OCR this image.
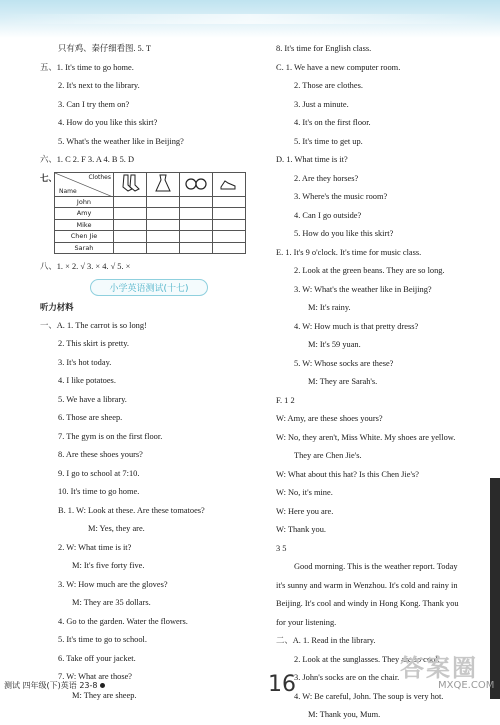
只有鸡、秦仔细看图. 5. T
五、1. It's time to go home.
2. It's next to the library.
3. Can I try them on?
4. How do you like this skirt?
5. What's the weather like in Beijing?
六、1. C 2. F 3. A 4. B 5. D
七、	Clothes
Name

John				
Amy				
Mike				
Chen Jie				
Sarah				
八、1. × 2. √ 3. × 4. √ 5. ×
小学英语测试(十七)
听力材料
一、A. 1. The carrot is so long!
2. This skirt is pretty.
3. It's hot today.
4. I like potatoes.
5. We have a library.
6. Those are sheep.
7. The gym is on the first floor.
8. Are these shoes yours?
9. I go to school at 7:10.
10. It's time to go home.
B. 1. W: Look at these. Are these tomatoes?
M: Yes, they are.
2. W: What time is it?
M: It's five forty five.
3. W: How much are the gloves?
M: They are 35 dollars.
4. Go to the garden. Water the flowers.
5. It's time to go to school.
6. Take off your jacket.
7. W: What are those?
M: They are sheep.
8. It's time for English class.
C. 1. We have a new computer room.
2. Those are clothes.
3. Just a minute.
4. It's on the first floor.
5. It's time to get up.
D. 1. What time is it?
2. Are they horses?
3. Where's the music room?
4. Can I go outside?
5. How do you like this skirt?
E. 1. It's 9 o'clock. It's time for music class.
2. Look at the green beans. They are so long.
3. W: What's the weather like in Beijing?
M: It's rainy.
4. W: How much is that pretty dress?
M: It's 59 yuan.
5. W: Whose socks are these?
M: They are Sarah's.
F. 1 2
W: Amy, are these shoes yours?
W: No, they aren't, Miss White. My shoes are yellow.
They are Chen Jie's.
W: What about this hat? Is this Chen Jie's?
W: No, it's mine.
W: Here you are.
W: Thank you.
3 5
Good morning. This is the weather report. Today
it's sunny and warm in Wenzhou. It's cold and rainy in
Beijing. It's cool and windy in Hong Kong. Thank you
for your listening.
二、A. 1. Read in the library.
2. Look at the sunglasses. They are so cool.
3. John's socks are on the chair.
4. W: Be careful, John. The soup is very hot.
M: Thank you, Mum.
测试 四年级(下)英语 23-8	16
答案圈
MXQE.COM
